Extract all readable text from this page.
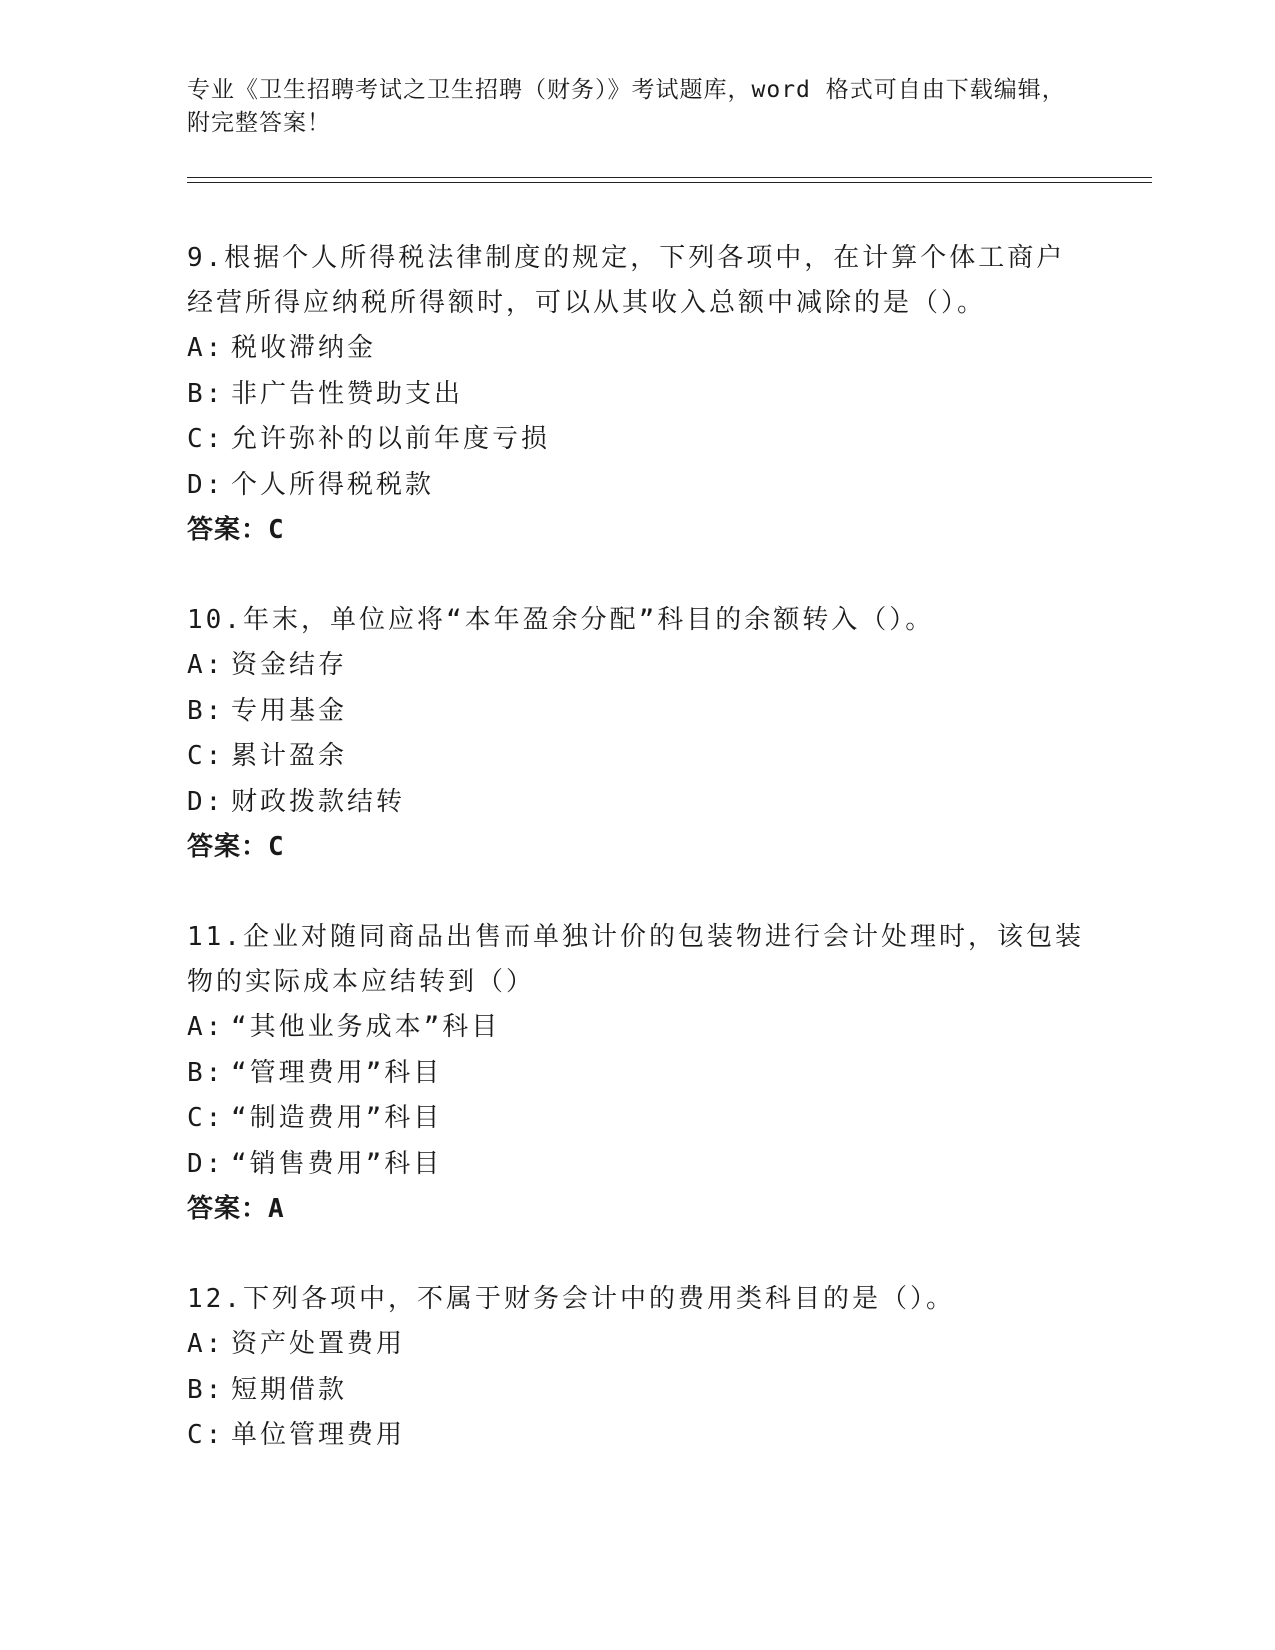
专业《卫生招聘考试之卫生招聘（财务）》考试题库，word 格式可自由下载编辑，附完整答案！

9.根据个人所得税法律制度的规定，下列各项中，在计算个体工商户经营所得应纳税所得额时，可以从其收入总额中减除的是（）。

A: 税收滞纳金
B: 非广告性赞助支出
C: 允许弥补的以前年度亏损
D: 个人所得税税款
答案：C

10.年末，单位应将“本年盈余分配”科目的余额转入（）。

A: 资金结存
B: 专用基金
C: 累计盈余
D: 财政拨款结转
答案：C

11.企业对随同商品出售而单独计价的包装物进行会计处理时，该包装物的实际成本应结转到（）

A: “其他业务成本”科目
B: “管理费用”科目
C: “制造费用”科目
D: “销售费用”科目
答案：A

12.下列各项中，不属于财务会计中的费用类科目的是（）。

A: 资产处置费用
B: 短期借款
C: 单位管理费用
